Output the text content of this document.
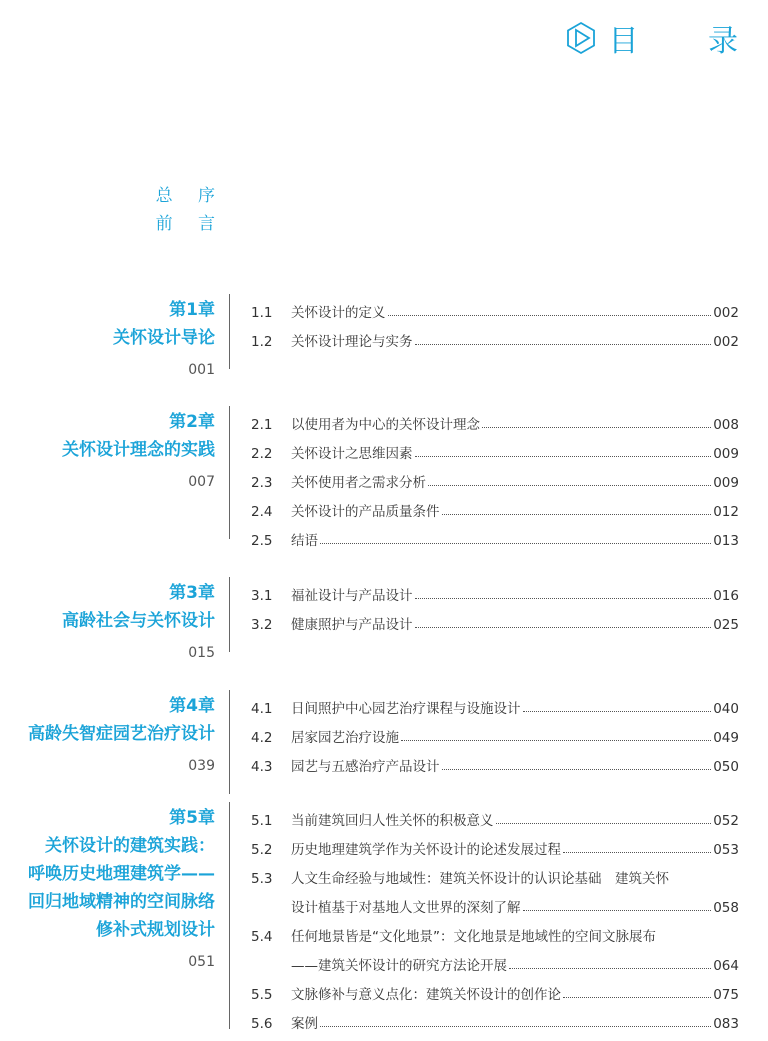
目 录
总 序
前 言
第1章
关怀设计导论
001
1.1	关怀设计的定义	002
1.2	关怀设计理论与实务	002
第2章
关怀设计理念的实践
007
2.1	以使用者为中心的关怀设计理念	008
2.2	关怀设计之思维因素	009
2.3	关怀使用者之需求分析	009
2.4	关怀设计的产品质量条件	012
2.5	结语	013
第3章
高龄社会与关怀设计
015
3.1	福祉设计与产品设计	016
3.2	健康照护与产品设计	025
第4章
高龄失智症园艺治疗设计
039
4.1	日间照护中心园艺治疗课程与设施设计	040
4.2	居家园艺治疗设施	049
4.3	园艺与五感治疗产品设计	050
第5章
关怀设计的建筑实践：
呼唤历史地理建筑学——
回归地域精神的空间脉络
修补式规划设计
051
5.1	当前建筑回归人性关怀的积极意义	052
5.2	历史地理建筑学作为关怀设计的论述发展过程	053
5.3	人文生命经验与地域性：建筑关怀设计的认识论基础　建筑关怀
设计植基于对基地人文世界的深刻了解	058
5.4	任何地景皆是“文化地景”：文化地景是地域性的空间文脉展布
——建筑关怀设计的研究方法论开展	064
5.5	文脉修补与意义点化：建筑关怀设计的创作论	075
5.6	案例	083
